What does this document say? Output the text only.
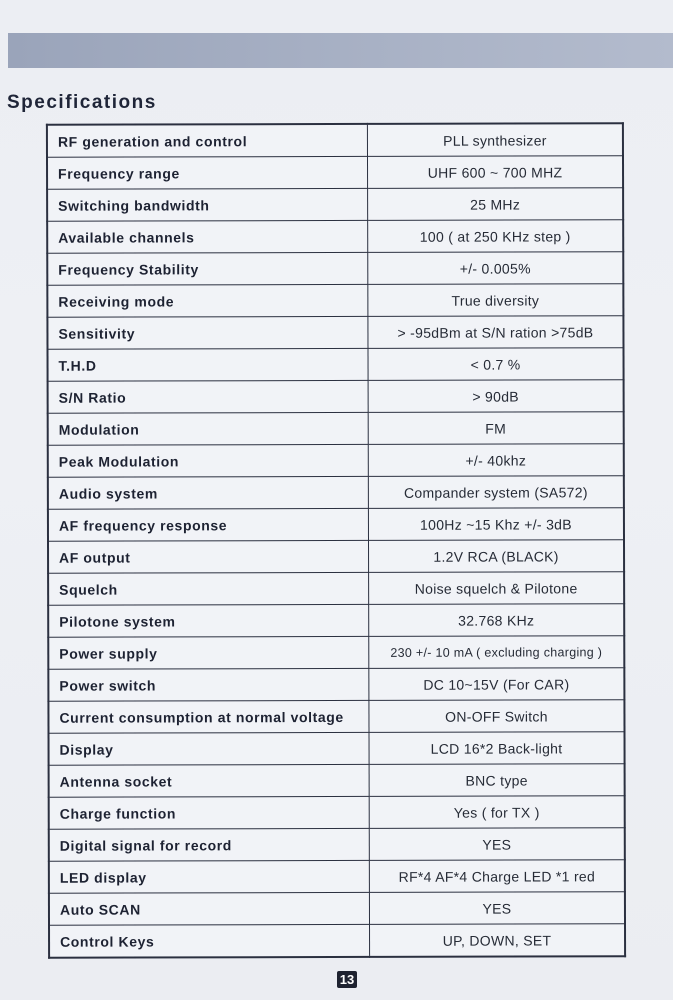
Specifications
RF generation and control	PLL synthesizer
Frequency range	UHF 600 ~ 700 MHZ
Switching bandwidth	25 MHz
Available channels	100 ( at 250 KHz step )
Frequency Stability	+/- 0.005%
Receiving mode	True diversity
Sensitivity	> -95dBm at S/N ration >75dB
T.H.D	< 0.7 %
S/N Ratio	> 90dB
Modulation	FM
Peak Modulation	+/- 40khz
Audio system	Compander system (SA572)
AF frequency response	100Hz ~15 Khz +/- 3dB
AF output	1.2V RCA (BLACK)
Squelch	Noise squelch & Pilotone
Pilotone system	32.768 KHz
Power supply	230 +/- 10 mA ( excluding charging )
Power switch	DC 10~15V (For CAR)
Current consumption at normal voltage	ON-OFF Switch
Display	LCD 16*2 Back-light
Antenna socket	BNC type
Charge function	Yes ( for TX )
Digital signal for record	YES
LED display	RF*4 AF*4 Charge LED *1 red
Auto SCAN	YES
Control Keys	UP, DOWN, SET
13
